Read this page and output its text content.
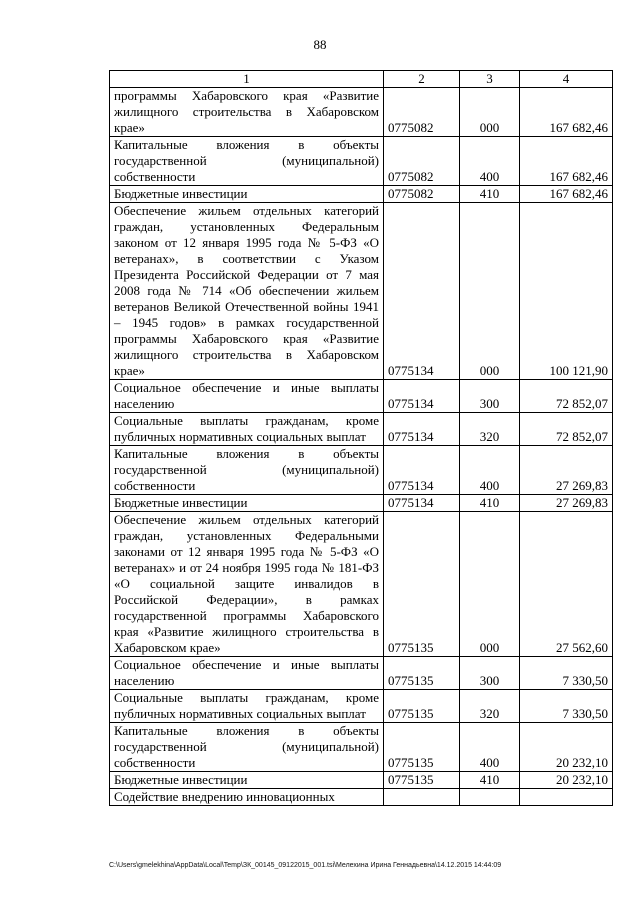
88
1	2	3	4
программы Хабаровского края «Развитие жилищного строительства в Хабаровском крае»	0775082	000	167 682,46
Капитальные вложения в объекты государственной (муниципальной) собственности	0775082	400	167 682,46
Бюджетные инвестиции	0775082	410	167 682,46
Обеспечение жильем отдельных категорий граждан, установленных Федеральным законом от 12 января 1995 года № 5-ФЗ «О ветеранах», в соответствии с Указом Президента Российской Федерации от 7 мая 2008 года № 714 «Об обеспечении жильем ветеранов Великой Отечественной войны 1941 – 1945 годов» в рамках государственной программы Хабаровского края «Развитие жилищного строительства в Хабаровском крае»	0775134	000	100 121,90
Социальное обеспечение и иные выплаты населению	0775134	300	72 852,07
Социальные выплаты гражданам, кроме публичных нормативных социальных выплат	0775134	320	72 852,07
Капитальные вложения в объекты государственной (муниципальной) собственности	0775134	400	27 269,83
Бюджетные инвестиции	0775134	410	27 269,83
Обеспечение жильем отдельных категорий граждан, установленных Федеральными законами от 12 января 1995 года № 5-ФЗ «О ветеранах» и от 24 ноября 1995 года № 181-ФЗ «О социальной защите инвалидов в Российской Федерации», в рамках государственной программы Хабаровского края «Развитие жилищного строительства в Хабаровском крае»	0775135	000	27 562,60
Социальное обеспечение и иные выплаты населению	0775135	300	7 330,50
Социальные выплаты гражданам, кроме публичных нормативных социальных выплат	0775135	320	7 330,50
Капитальные вложения в объекты государственной (муниципальной) собственности	0775135	400	20 232,10
Бюджетные инвестиции	0775135	410	20 232,10
Содействие внедрению инновационных			
C:\Users\gmelekhina\AppData\Local\Temp\ЗК_00145_09122015_001.tsi\Мелехина Ирина Геннадьевна\14.12.2015 14:44:09
